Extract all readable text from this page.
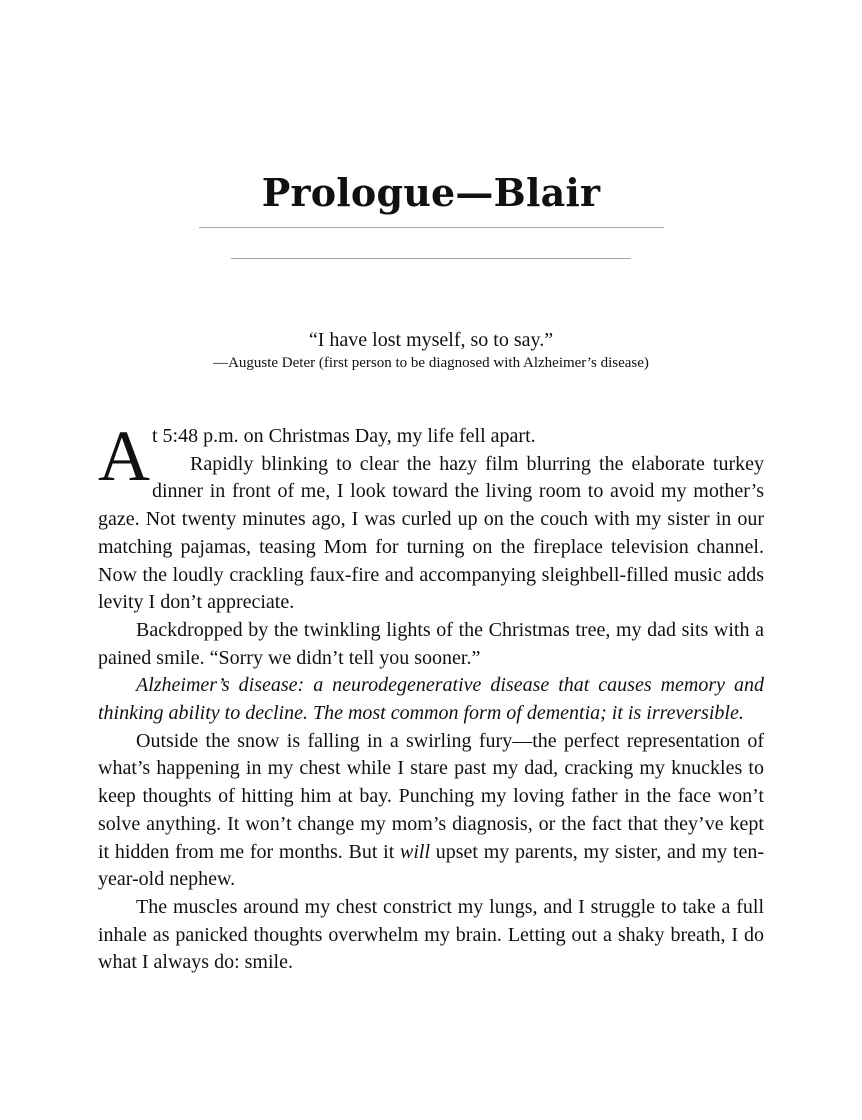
Prologue—Blair
“I have lost myself, so to say.”
—Auguste Deter (first person to be diagnosed with Alzheimer’s disease)

A t 5:48 p.m. on Christmas Day, my life fell apart.
Rapidly blinking to clear the hazy film blurring the elaborate turkey dinner in front of me, I look toward the living room to avoid my mother’s gaze. Not twenty minutes ago, I was curled up on the couch with my sister in our matching pajamas, teasing Mom for turning on the fireplace television channel. Now the loudly crackling faux-fire and accompanying sleighbell-filled music adds levity I don’t appreciate.

Backdropped by the twinkling lights of the Christmas tree, my dad sits with a pained smile. “Sorry we didn’t tell you sooner.”

Alzheimer’s disease: a neurodegenerative disease that causes memory and thinking ability to decline. The most common form of dementia; it is irreversible.

Outside the snow is falling in a swirling fury—the perfect representation of what’s happening in my chest while I stare past my dad, cracking my knuckles to keep thoughts of hitting him at bay. Punching my loving father in the face won’t solve anything. It won’t change my mom’s diagnosis, or the fact that they’ve kept it hidden from me for months. But it will upset my parents, my sister, and my ten-year-old nephew.

The muscles around my chest constrict my lungs, and I struggle to take a full inhale as panicked thoughts overwhelm my brain. Letting out a shaky breath, I do what I always do: smile.
